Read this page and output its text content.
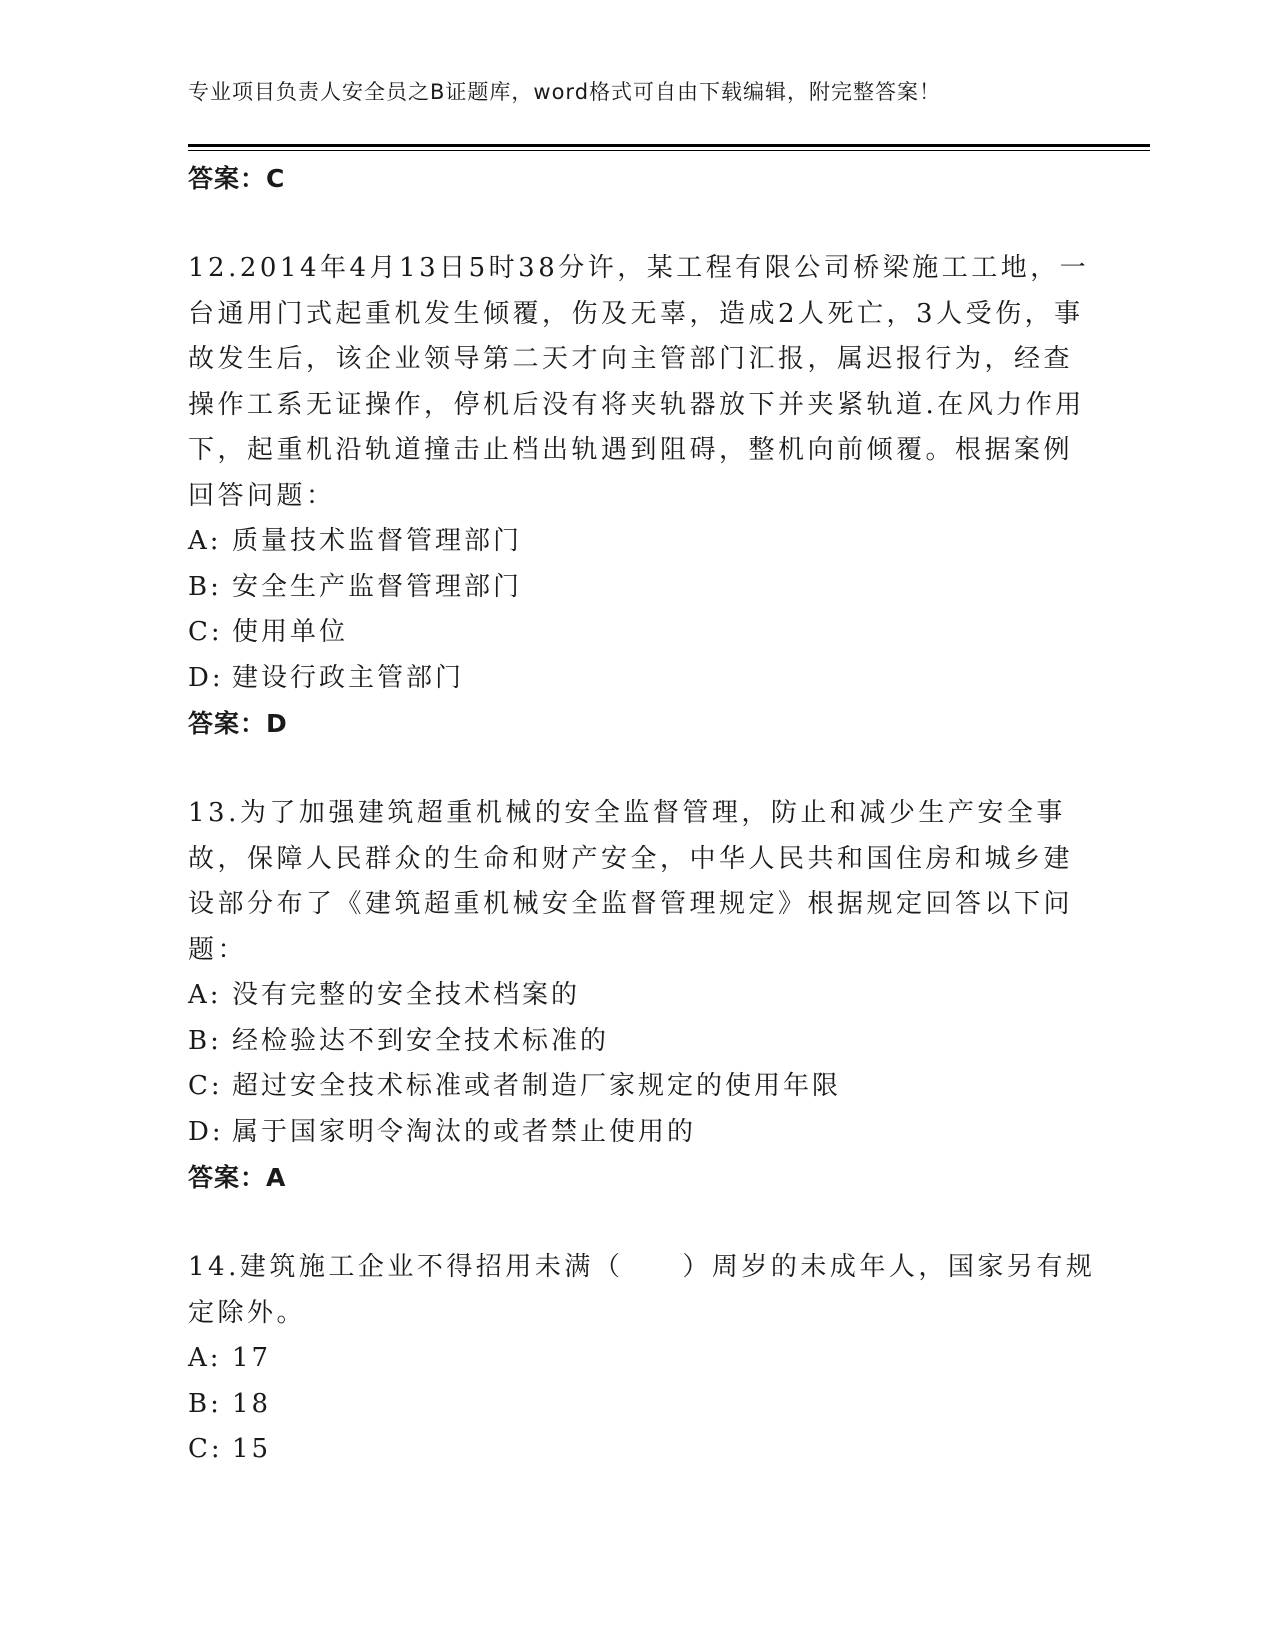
专业项目负责人安全员之B证题库，word格式可自由下载编辑，附完整答案！
答案：C

12.2014年4月13日5时38分许，某工程有限公司桥梁施工工地，一台通用门式起重机发生倾覆，伤及无辜，造成2人死亡，3人受伤，事故发生后，该企业领导第二天才向主管部门汇报，属迟报行为，经查操作工系无证操作，停机后没有将夹轨器放下并夹紧轨道.在风力作用下，起重机沿轨道撞击止档出轨遇到阻碍，整机向前倾覆。根据案例回答问题：

A: 质量技术监督管理部门
B: 安全生产监督管理部门
C: 使用单位
D: 建设行政主管部门
答案：D

13.为了加强建筑超重机械的安全监督管理，防止和减少生产安全事故，保障人民群众的生命和财产安全，中华人民共和国住房和城乡建设部分布了《建筑超重机械安全监督管理规定》根据规定回答以下问题：

A: 没有完整的安全技术档案的
B: 经检验达不到安全技术标准的
C: 超过安全技术标准或者制造厂家规定的使用年限
D: 属于国家明令淘汰的或者禁止使用的
答案：A

14.建筑施工企业不得招用未满（　　）周岁的未成年人，国家另有规定除外。

A: 17
B: 18
C: 15
